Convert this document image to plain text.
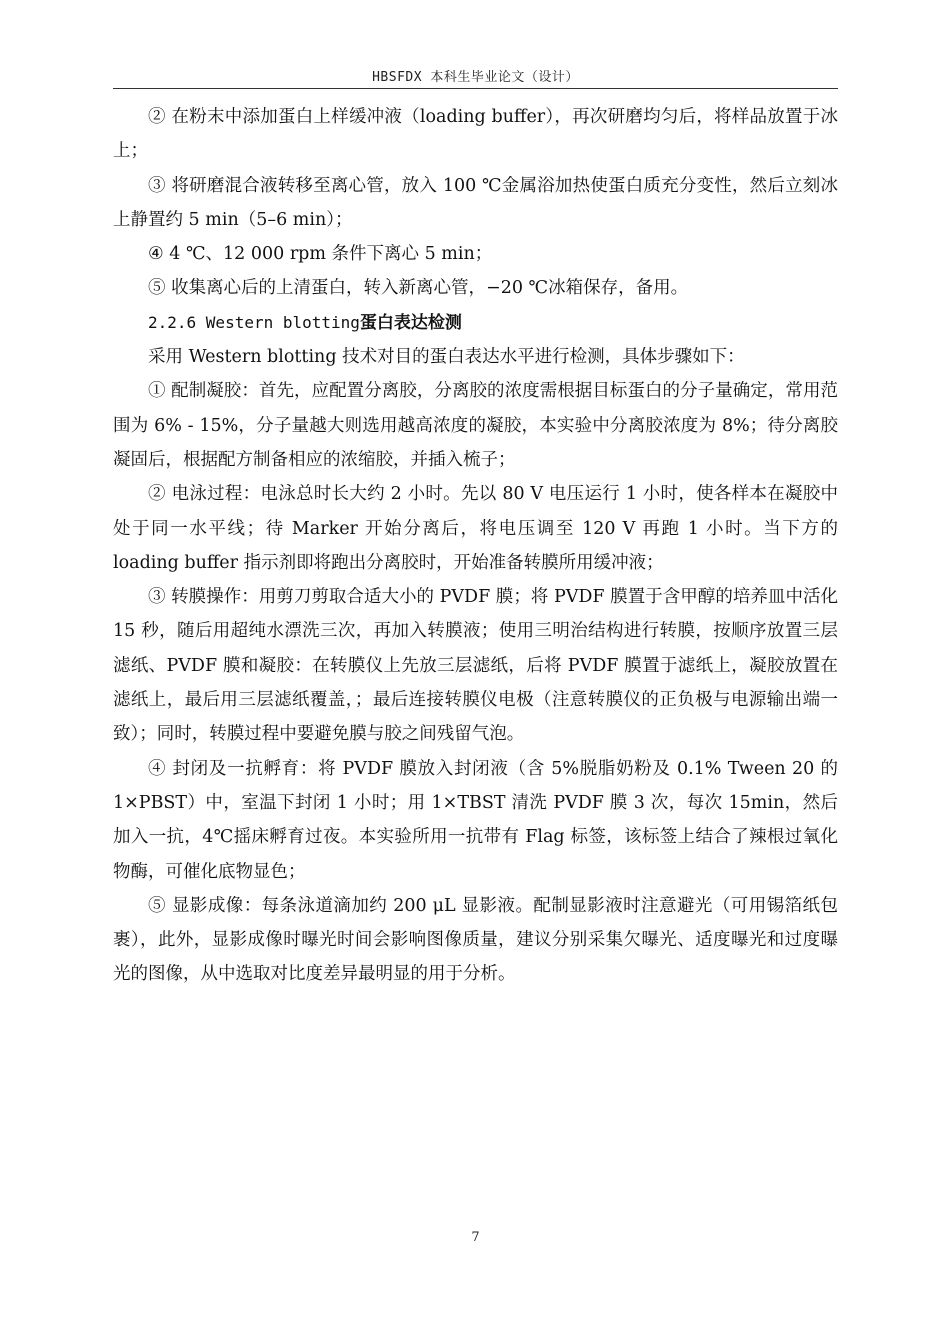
HBSFDX 本科生毕业论文（设计）

② 在粉末中添加蛋白上样缓冲液（loading buffer），再次研磨均匀后，将样品放置于冰上；

③ 将研磨混合液转移至离心管，放入 100 ℃金属浴加热使蛋白质充分变性，然后立刻冰上静置约 5 min（5–6 min）；

④ 4 ℃、12 000 rpm 条件下离心 5 min；

⑤ 收集离心后的上清蛋白，转入新离心管，−20 ℃冰箱保存，备用。

2.2.6 Western blotting蛋白表达检测

采用 Western blotting 技术对目的蛋白表达水平进行检测，具体步骤如下：

① 配制凝胶：首先，应配置分离胶，分离胶的浓度需根据目标蛋白的分子量确定，常用范围为 6% ‑ 15%，分子量越大则选用越高浓度的凝胶，本实验中分离胶浓度为 8%；待分离胶凝固后，根据配方制备相应的浓缩胶，并插入梳子；

② 电泳过程：电泳总时长大约 2 小时。先以 80 V 电压运行 1 小时，使各样本在凝胶中处于同一水平线；待 Marker 开始分离后，将电压调至 120 V 再跑 1 小时。当下方的 loading buffer 指示剂即将跑出分离胶时，开始准备转膜所用缓冲液；

③ 转膜操作：用剪刀剪取合适大小的 PVDF 膜；将 PVDF 膜置于含甲醇的培养皿中活化 15 秒，随后用超纯水漂洗三次，再加入转膜液；使用三明治结构进行转膜，按顺序放置三层滤纸、PVDF 膜和凝胶：在转膜仪上先放三层滤纸，后将 PVDF 膜置于滤纸上，凝胶放置在滤纸上，最后用三层滤纸覆盖，；最后连接转膜仪电极（注意转膜仪的正负极与电源输出端一致）；同时，转膜过程中要避免膜与胶之间残留气泡。

④ 封闭及一抗孵育：将 PVDF 膜放入封闭液（含 5%脱脂奶粉及 0.1% Tween 20 的 1×PBST）中，室温下封闭 1 小时；用 1×TBST 清洗 PVDF 膜 3 次，每次 15min，然后加入一抗，4℃摇床孵育过夜。本实验所用一抗带有 Flag 标签，该标签上结合了辣根过氧化物酶，可催化底物显色；

⑤ 显影成像：每条泳道滴加约 200 μL 显影液。配制显影液时注意避光（可用锡箔纸包裹），此外，显影成像时曝光时间会影响图像质量，建议分别采集欠曝光、适度曝光和过度曝光的图像，从中选取对比度差异最明显的用于分析。

7
